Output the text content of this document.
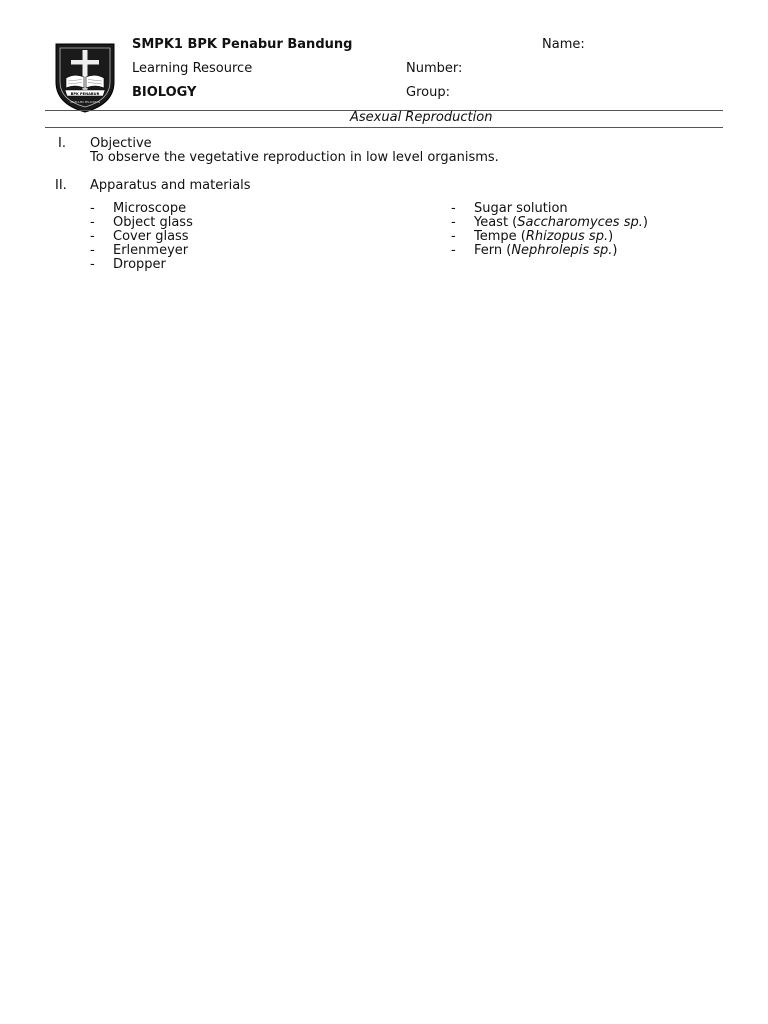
BPK PENABUR
IMAN ILMU PELAYANAN
SMPK1 BPK Penabur Bandung	Name:
Learning Resource	Number:
BIOLOGY	Group:
Asexual Reproduction
I. Objective
To observe the vegetative reproduction in low level organisms.
II. Apparatus and materials
- Microscope
- Object glass
- Cover glass
- Erlenmeyer
- Dropper
- Sugar solution
- Yeast (Saccharomyces sp.)
- Tempe (Rhizopus sp.)
- Fern (Nephrolepis sp.)
